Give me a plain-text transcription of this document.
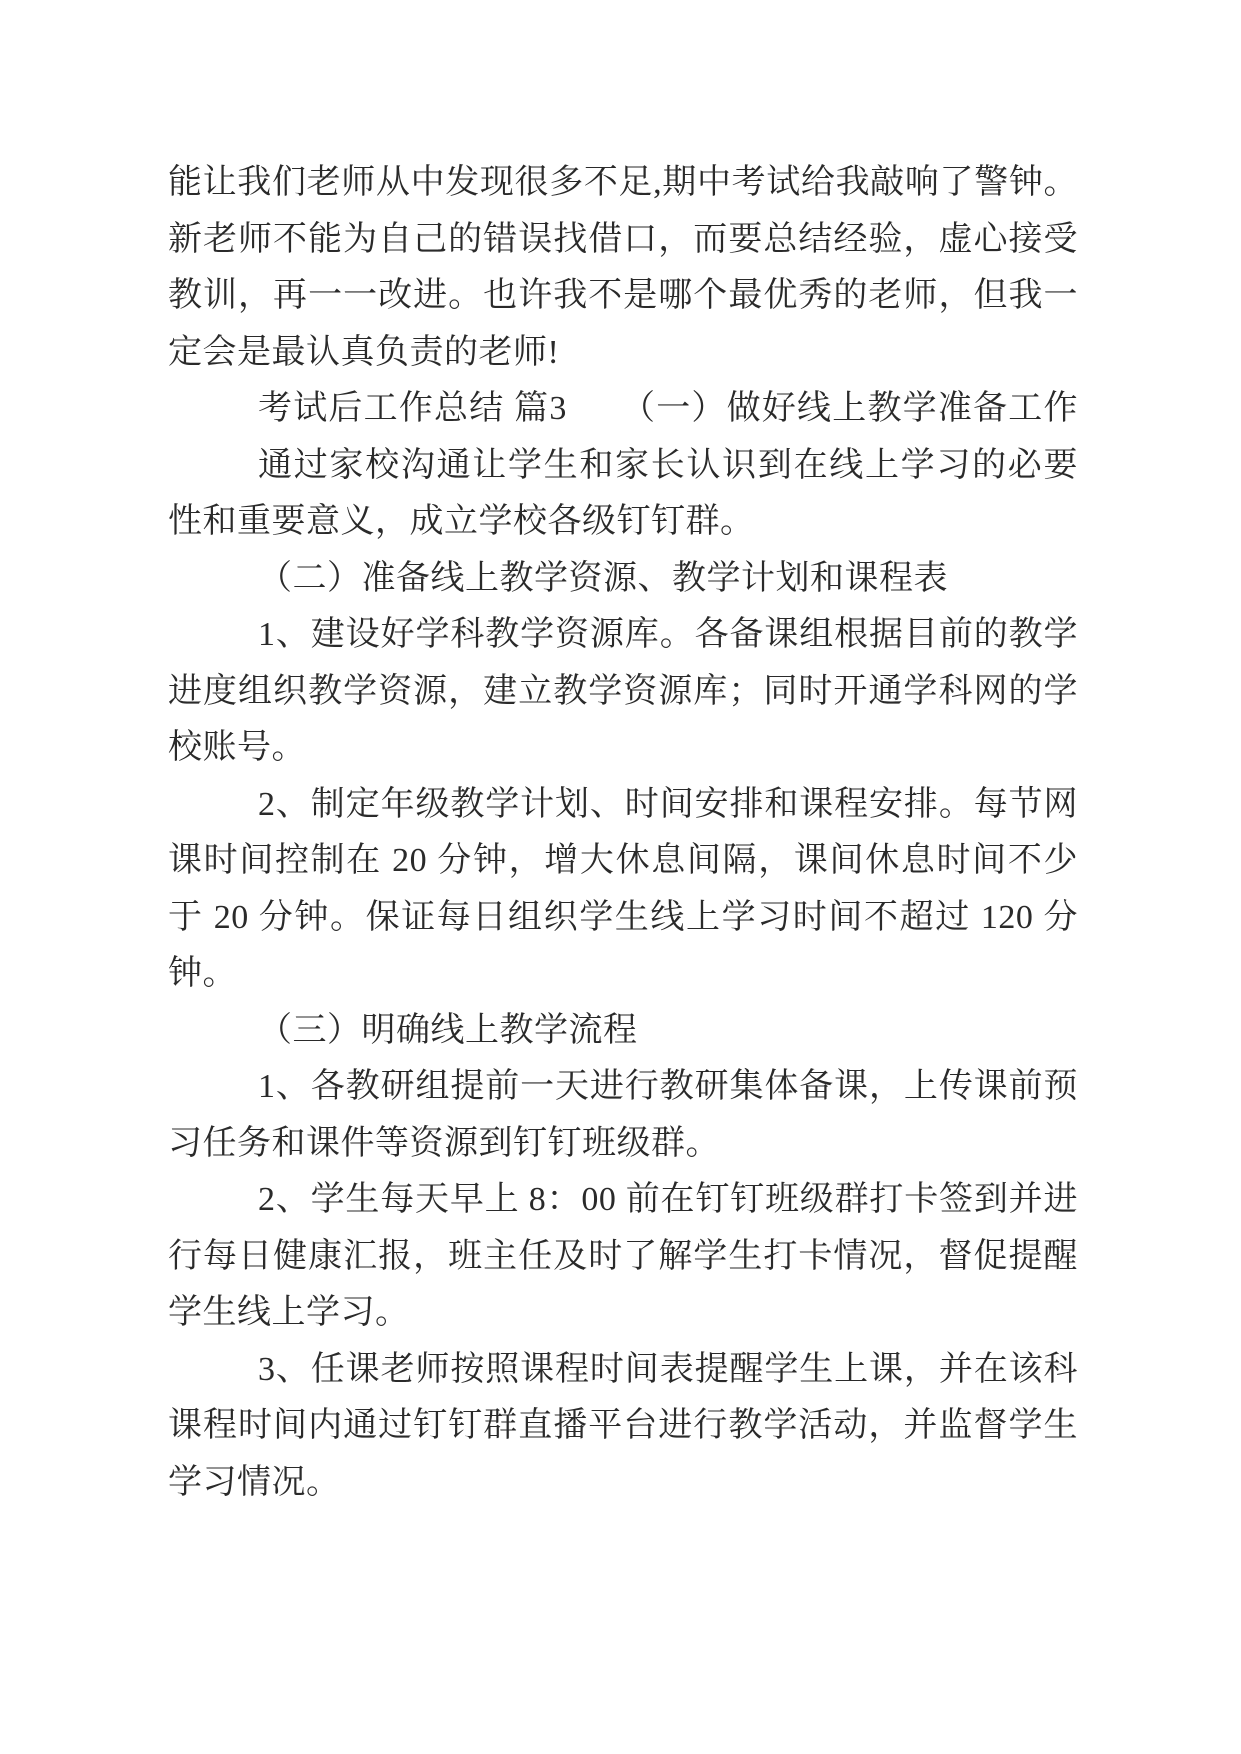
能让我们老师从中发现很多不足,期中考试给我敲响了警钟。
新老师不能为自己的错误找借口，而要总结经验，虚心接受
教训，再一一改进。也许我不是哪个最优秀的老师，但我一
定会是最认真负责的老师!
考试后工作总结 篇3　　（一）做好线上教学准备工作
通过家校沟通让学生和家长认识到在线上学习的必要
性和重要意义，成立学校各级钉钉群。
（二）准备线上教学资源、教学计划和课程表
1、建设好学科教学资源库。各备课组根据目前的教学
进度组织教学资源，建立教学资源库；同时开通学科网的学
校账号。
2、制定年级教学计划、时间安排和课程安排。每节网
课时间控制在 20 分钟，增大休息间隔，课间休息时间不少
于 20 分钟。保证每日组织学生线上学习时间不超过 120 分
钟。
（三）明确线上教学流程
1、各教研组提前一天进行教研集体备课，上传课前预
习任务和课件等资源到钉钉班级群。
2、学生每天早上 8：00 前在钉钉班级群打卡签到并进
行每日健康汇报，班主任及时了解学生打卡情况，督促提醒
学生线上学习。
3、任课老师按照课程时间表提醒学生上课，并在该科
课程时间内通过钉钉群直播平台进行教学活动，并监督学生
学习情况。
